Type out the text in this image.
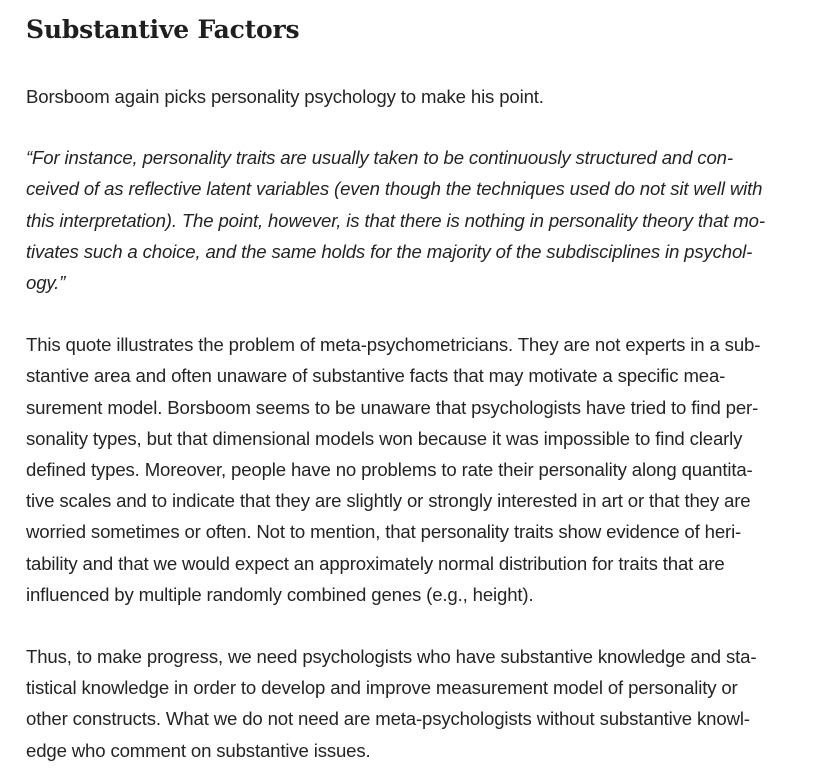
Substantive Factors

Borsboom again picks personality psychology to make his point.

“For instance, personality traits are usually taken to be continuously structured and con-
ceived of as reflective latent variables (even though the techniques used do not sit well with
this interpretation). The point, however, is that there is nothing in personality theory that mo-
tivates such a choice, and the same holds for the majority of the subdisciplines in psychol-
ogy.”

This quote illustrates the problem of meta-psychometricians. They are not experts in a sub-
stantive area and often unaware of substantive facts that may motivate a specific mea-
surement model. Borsboom seems to be unaware that psychologists have tried to find per-
sonality types, but that dimensional models won because it was impossible to find clearly
defined types. Moreover, people have no problems to rate their personality along quantita-
tive scales and to indicate that they are slightly or strongly interested in art or that they are
worried sometimes or often. Not to mention, that personality traits show evidence of heri-
tability and that we would expect an approximately normal distribution for traits that are
influenced by multiple randomly combined genes (e.g., height).

Thus, to make progress, we need psychologists who have substantive knowledge and sta-
tistical knowledge in order to develop and improve measurement model of personality or
other constructs. What we do not need are meta-psychologists without substantive knowl-
edge who comment on substantive issues.
